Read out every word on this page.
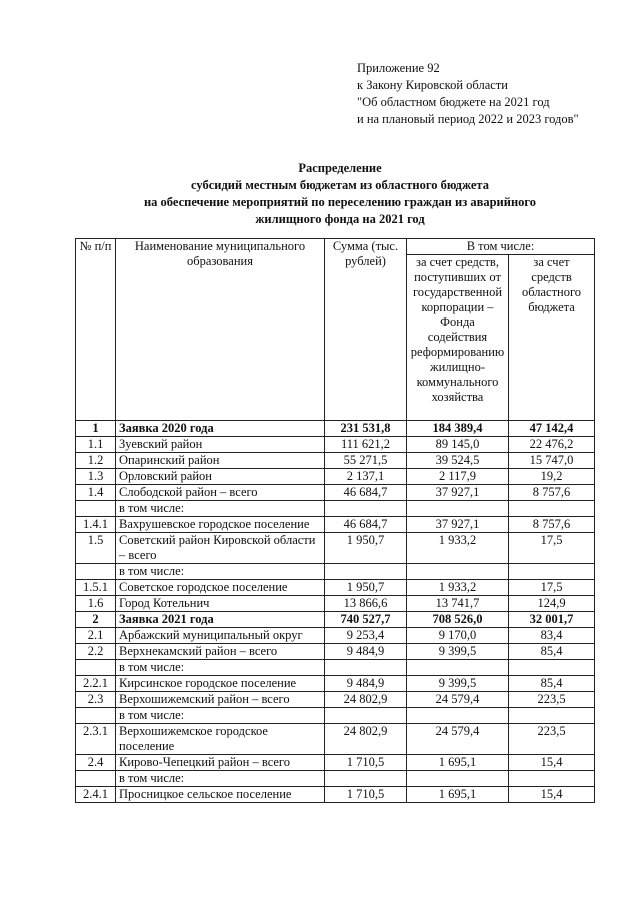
Приложение 92
к Закону Кировской области
"Об областном бюджете на 2021 год
и на плановый период 2022 и 2023 годов"
Распределение
субсидий местным бюджетам из областного бюджета
на обеспечение мероприятий по переселению граждан из аварийного
жилищного фонда на 2021 год
№ п/п	Наименование муниципального образования	Сумма (тыс. рублей)	В том числе:	
			за счет средств, поступивших от государственной корпорации – Фонда содействия реформированию жилищно-коммунального хозяйства	за счет средств областного бюджета
1	Заявка 2020 года	231 531,8	184 389,4	47 142,4
1.1	Зуевский район	111 621,2	89 145,0	22 476,2
1.2	Опаринский район	55 271,5	39 524,5	15 747,0
1.3	Орловский район	2 137,1	2 117,9	19,2
1.4	Слободской район – всего	46 684,7	37 927,1	8 757,6
	в том числе:			
1.4.1	Вахрушевское городское поселение	46 684,7	37 927,1	8 757,6
1.5	Советский район Кировской области – всего	1 950,7	1 933,2	17,5
	в том числе:			
1.5.1	Советское городское поселение	1 950,7	1 933,2	17,5
1.6	Город Котельнич	13 866,6	13 741,7	124,9
2	Заявка 2021 года	740 527,7	708 526,0	32 001,7
2.1	Арбажский муниципальный округ	9 253,4	9 170,0	83,4
2.2	Верхнекамский район – всего	9 484,9	9 399,5	85,4
	в том числе:			
2.2.1	Кирсинское городское поселение	9 484,9	9 399,5	85,4
2.3	Верхошижемский район – всего	24 802,9	24 579,4	223,5
	в том числе:			
2.3.1	Верхошижемское городское поселение	24 802,9	24 579,4	223,5
2.4	Кирово-Чепецкий район – всего	1 710,5	1 695,1	15,4
	в том числе:			
2.4.1	Просницкое сельское поселение	1 710,5	1 695,1	15,4
